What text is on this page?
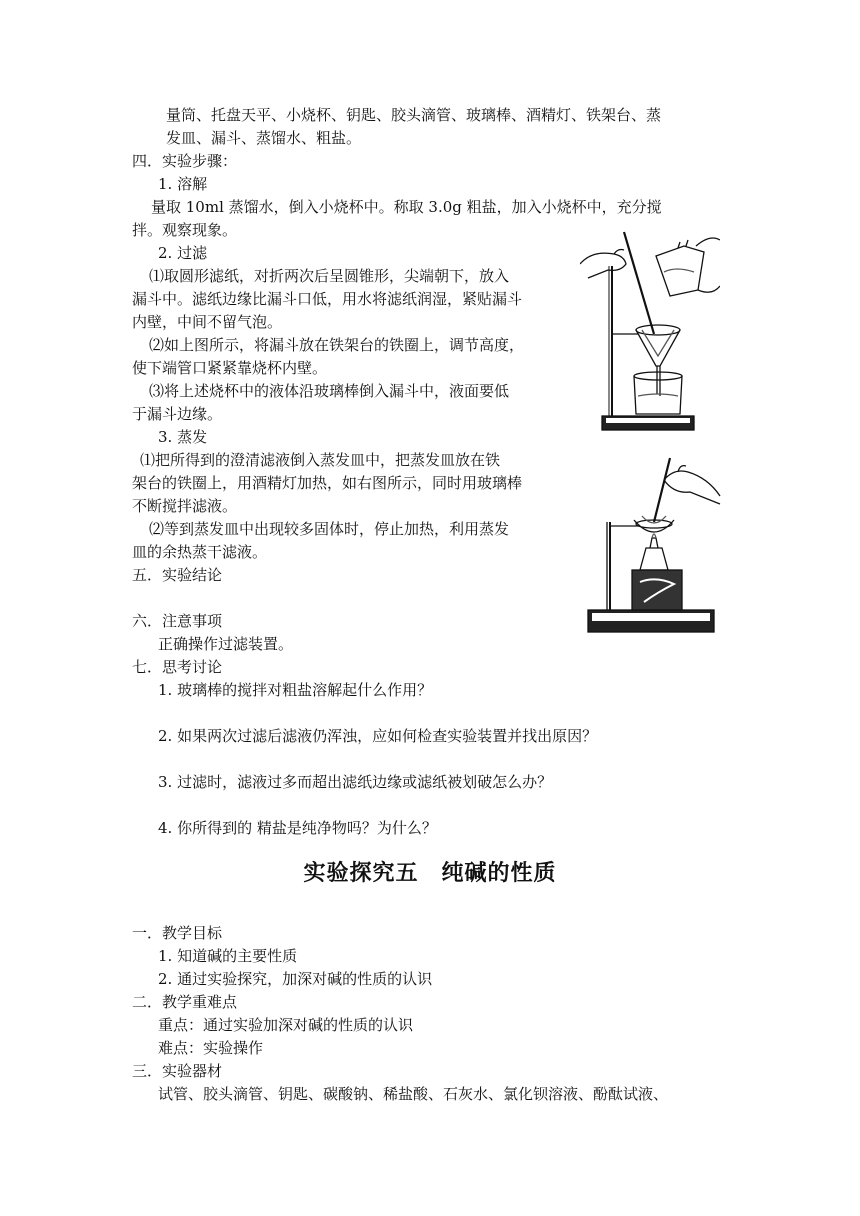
量筒、托盘天平、小烧杯、钥匙、胶头滴管、玻璃棒、酒精灯、铁架台、蒸
发皿、漏斗、蒸馏水、粗盐。
四．实验步骤：
1. 溶解
量取 10ml 蒸馏水，倒入小烧杯中。称取 3.0g 粗盐，加入小烧杯中，充分搅
拌。观察现象。
2. 过滤
⑴取圆形滤纸，对折两次后呈圆锥形，尖端朝下，放入
漏斗中。滤纸边缘比漏斗口低，用水将滤纸润湿，紧贴漏斗
内壁，中间不留气泡。
⑵如上图所示，将漏斗放在铁架台的铁圈上，调节高度，
使下端管口紧紧靠烧杯内壁。
⑶将上述烧杯中的液体沿玻璃棒倒入漏斗中，液面要低
于漏斗边缘。
3. 蒸发
⑴把所得到的澄清滤液倒入蒸发皿中，把蒸发皿放在铁
架台的铁圈上，用酒精灯加热，如右图所示，同时用玻璃棒
不断搅拌滤液。
⑵等到蒸发皿中出现较多固体时，停止加热，利用蒸发
皿的余热蒸干滤液。
五．实验结论
六．注意事项
正确操作过滤装置。
七．思考讨论
1. 玻璃棒的搅拌对粗盐溶解起什么作用？
2. 如果两次过滤后滤液仍浑浊，应如何检查实验装置并找出原因？
3. 过滤时，滤液过多而超出滤纸边缘或滤纸被划破怎么办？
4. 你所得到的 精盐是纯净物吗？为什么？
实验探究五　纯碱的性质
一．教学目标
1. 知道碱的主要性质
2. 通过实验探究，加深对碱的性质的认识
二．教学重难点
重点：通过实验加深对碱的性质的认识
难点：实验操作
三．实验器材
试管、胶头滴管、钥匙、碳酸钠、稀盐酸、石灰水、氯化钡溶液、酚酞试液、
